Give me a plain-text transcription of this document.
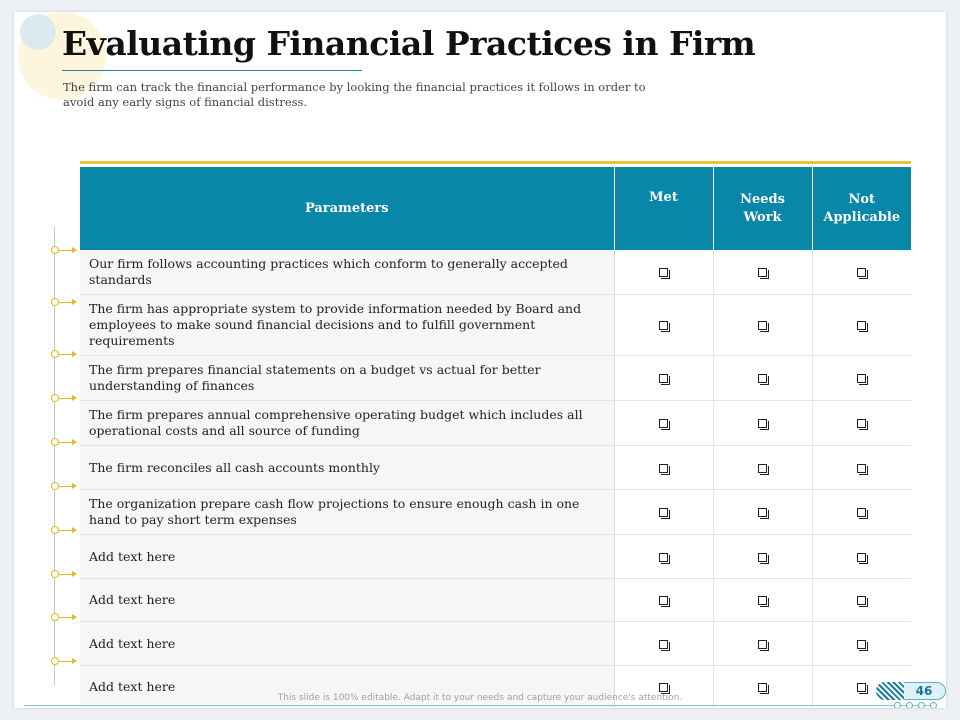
Evaluating Financial Practices in Firm

The firm can track the financial performance by looking the financial practices it follows in order to avoid any early signs of financial distress.

Parameters	Met	Needs Work	Not Applicable
Our firm follows accounting practices which conform to generally accepted standards			
The firm has appropriate system to provide information needed by Board and employees to make sound financial decisions and to fulfill government requirements			
The firm prepares financial statements on a budget vs actual for better understanding of finances			
The firm prepares annual comprehensive operating budget which includes all operational costs and all source of funding			
The firm reconciles all cash accounts monthly			
The organization prepare cash flow projections to ensure enough cash in one hand to pay short term expenses			
Add text here			
Add text here			
Add text here			
Add text here			
This slide is 100% editable. Adapt it to your needs and capture your audience's attention.	46
